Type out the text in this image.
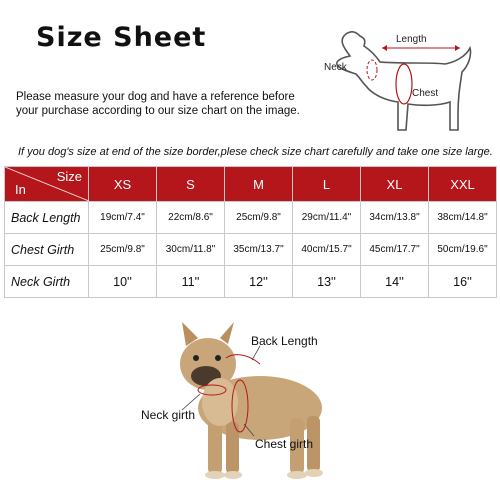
Size Sheet
Please measure your dog and have a reference before your purchase according to our size chart on the image.
Length
Neck
Chest
If you dog's size at end of the size border,plese check size chart carefully and take one size large.
Size
In	XS	S	M	L	XL	XXL
Back Length	19cm/7.4"	22cm/8.6"	25cm/9.8"	29cm/11.4"	34cm/13.8"	38cm/14.8"
Chest Girth	25cm/9.8"	30cm/11.8"	35cm/13.7"	40cm/15.7"	45cm/17.7"	50cm/19.6"
Neck Girth	10''	11''	12''	13''	14''	16''
Back Length
Neck girth
Chest girth
